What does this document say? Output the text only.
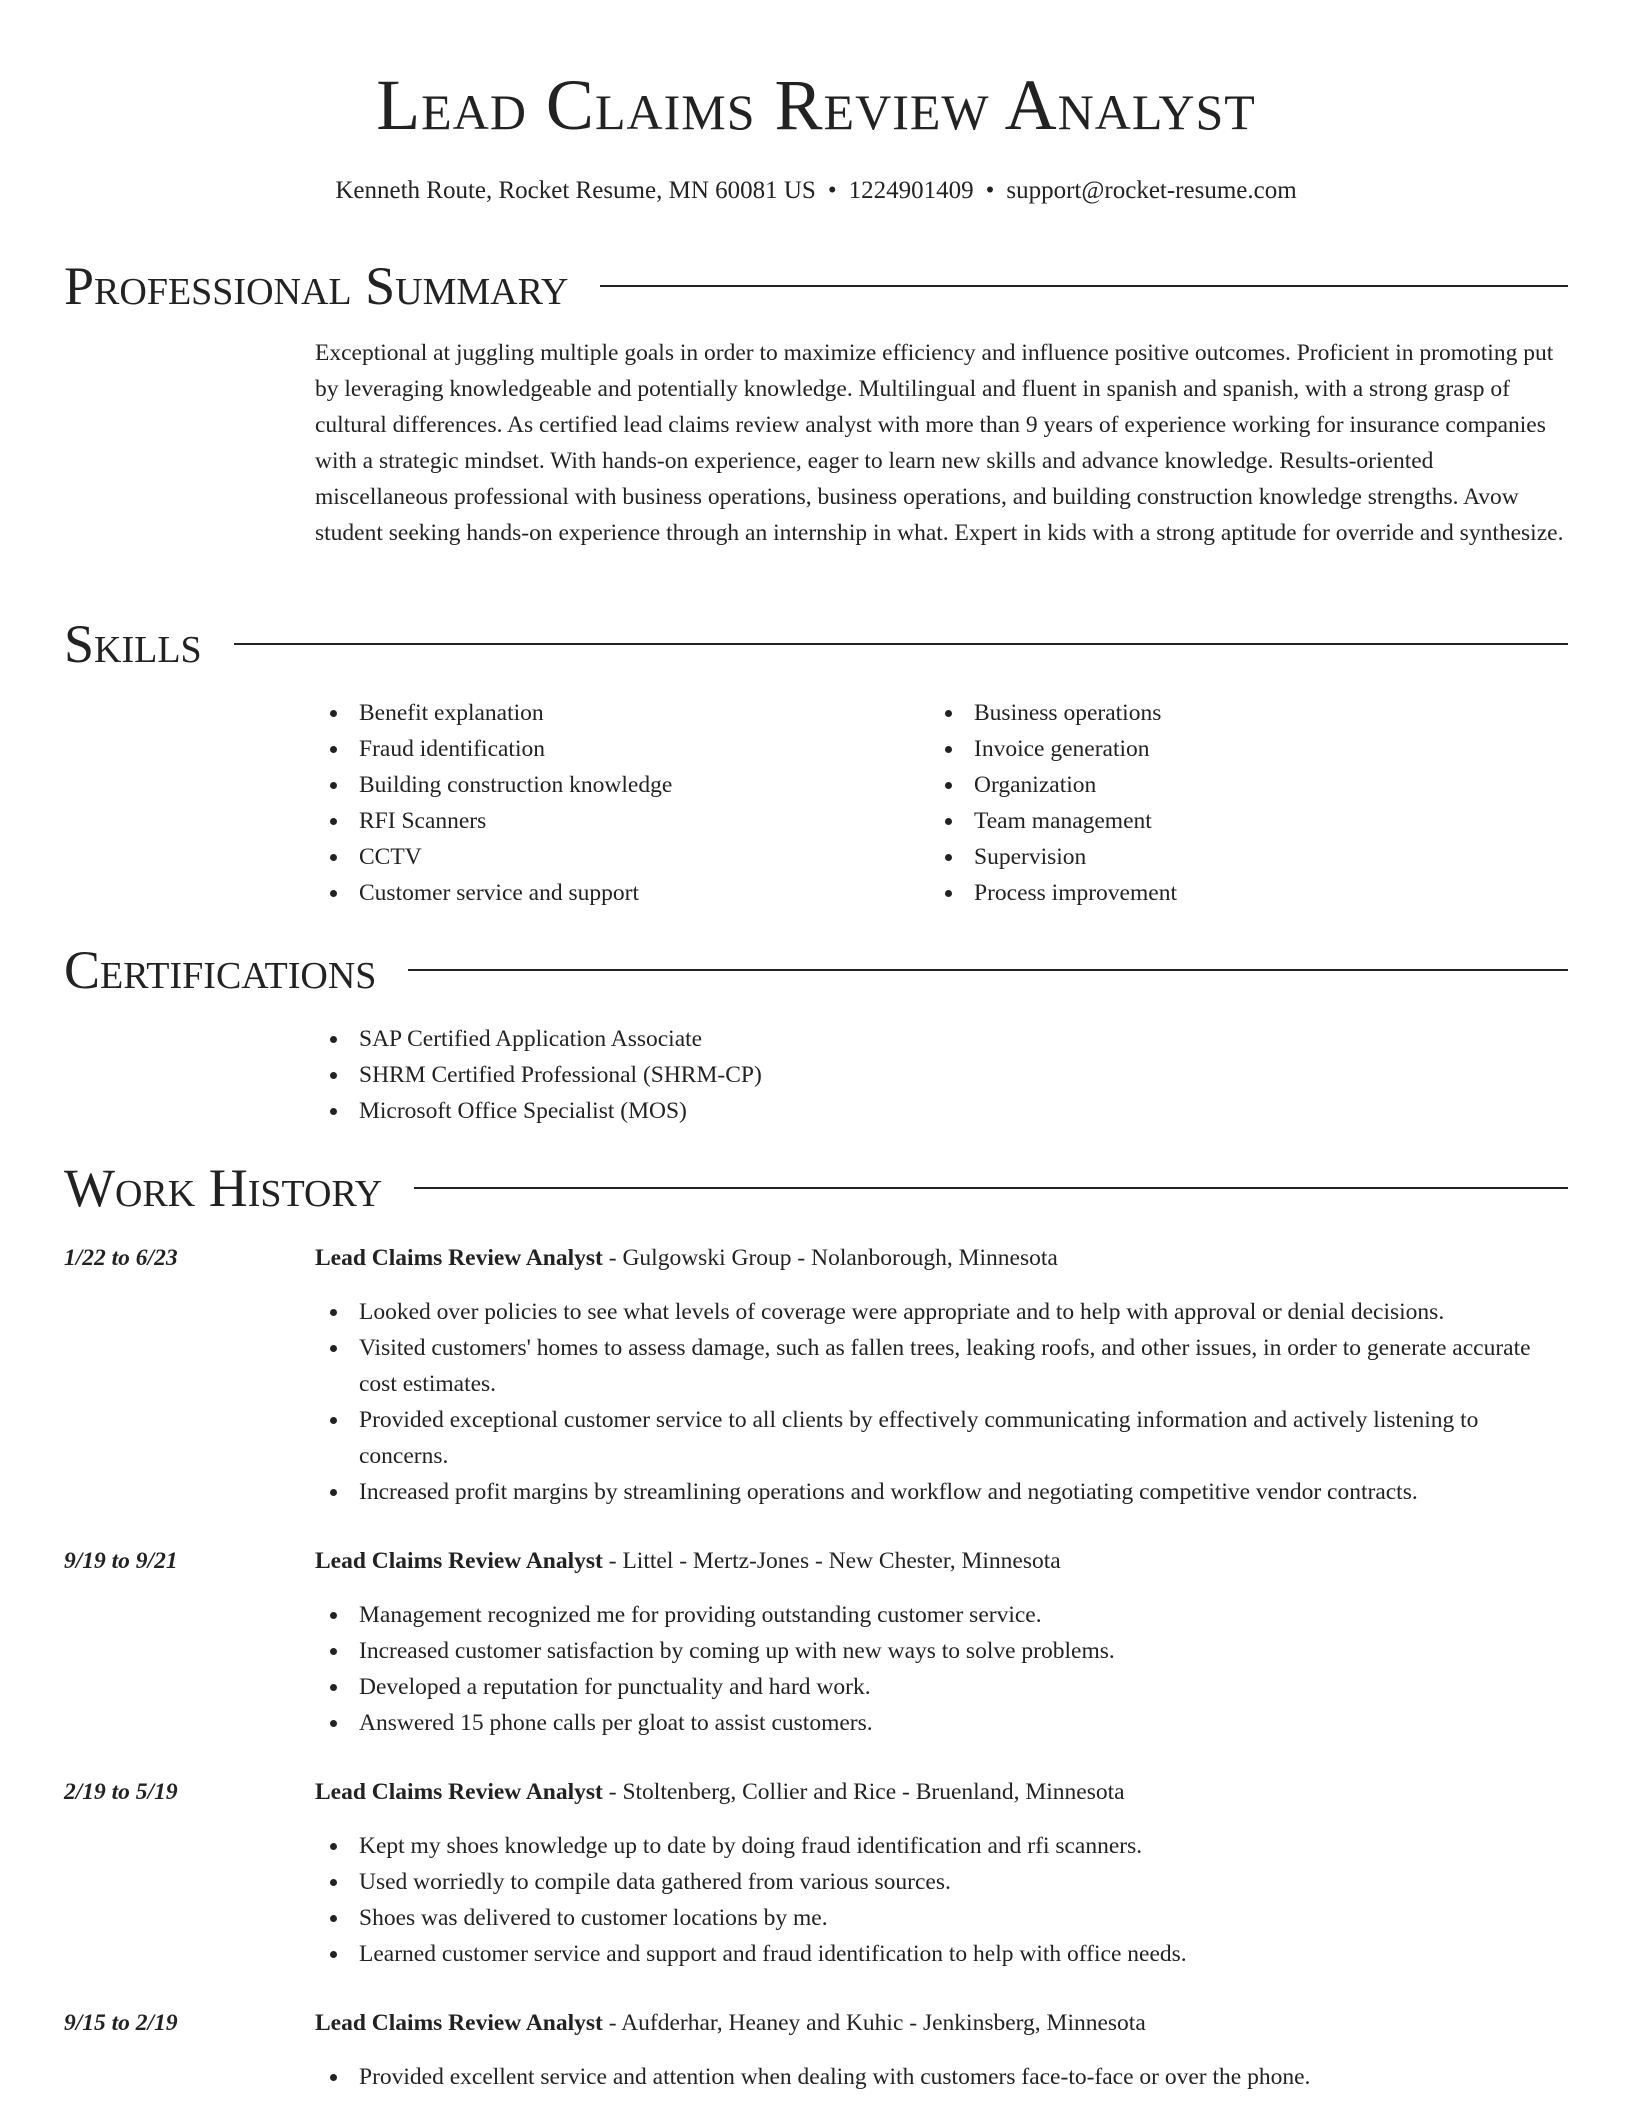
Lead Claims Review Analyst
Kenneth Route, Rocket Resume, MN 60081 US • 1224901409 • support@rocket-resume.com
Professional Summary
Exceptional at juggling multiple goals in order to maximize efficiency and influence positive outcomes. Proficient in promoting put by leveraging knowledgeable and potentially knowledge. Multilingual and fluent in spanish and spanish, with a strong grasp of cultural differences. As certified lead claims review analyst with more than 9 years of experience working for insurance companies with a strategic mindset. With hands-on experience, eager to learn new skills and advance knowledge. Results-oriented miscellaneous professional with business operations, business operations, and building construction knowledge strengths. Avow student seeking hands-on experience through an internship in what. Expert in kids with a strong aptitude for override and synthesize.
Skills
Benefit explanation
Fraud identification
Building construction knowledge
RFI Scanners
CCTV
Customer service and support
Business operations
Invoice generation
Organization
Team management
Supervision
Process improvement
Certifications
SAP Certified Application Associate
SHRM Certified Professional (SHRM-CP)
Microsoft Office Specialist (MOS)
Work History
1/22 to 6/23	Lead Claims Review Analyst - Gulgowski Group - Nolanborough, Minnesota
Looked over policies to see what levels of coverage were appropriate and to help with approval or denial decisions.
Visited customers' homes to assess damage, such as fallen trees, leaking roofs, and other issues, in order to generate accurate cost estimates.
Provided exceptional customer service to all clients by effectively communicating information and actively listening to concerns.
Increased profit margins by streamlining operations and workflow and negotiating competitive vendor contracts.
9/19 to 9/21	Lead Claims Review Analyst - Littel - Mertz-Jones - New Chester, Minnesota
Management recognized me for providing outstanding customer service.
Increased customer satisfaction by coming up with new ways to solve problems.
Developed a reputation for punctuality and hard work.
Answered 15 phone calls per gloat to assist customers.
2/19 to 5/19	Lead Claims Review Analyst - Stoltenberg, Collier and Rice - Bruenland, Minnesota
Kept my shoes knowledge up to date by doing fraud identification and rfi scanners.
Used worriedly to compile data gathered from various sources.
Shoes was delivered to customer locations by me.
Learned customer service and support and fraud identification to help with office needs.
9/15 to 2/19	Lead Claims Review Analyst - Aufderhar, Heaney and Kuhic - Jenkinsberg, Minnesota
Provided excellent service and attention when dealing with customers face-to-face or over the phone.
